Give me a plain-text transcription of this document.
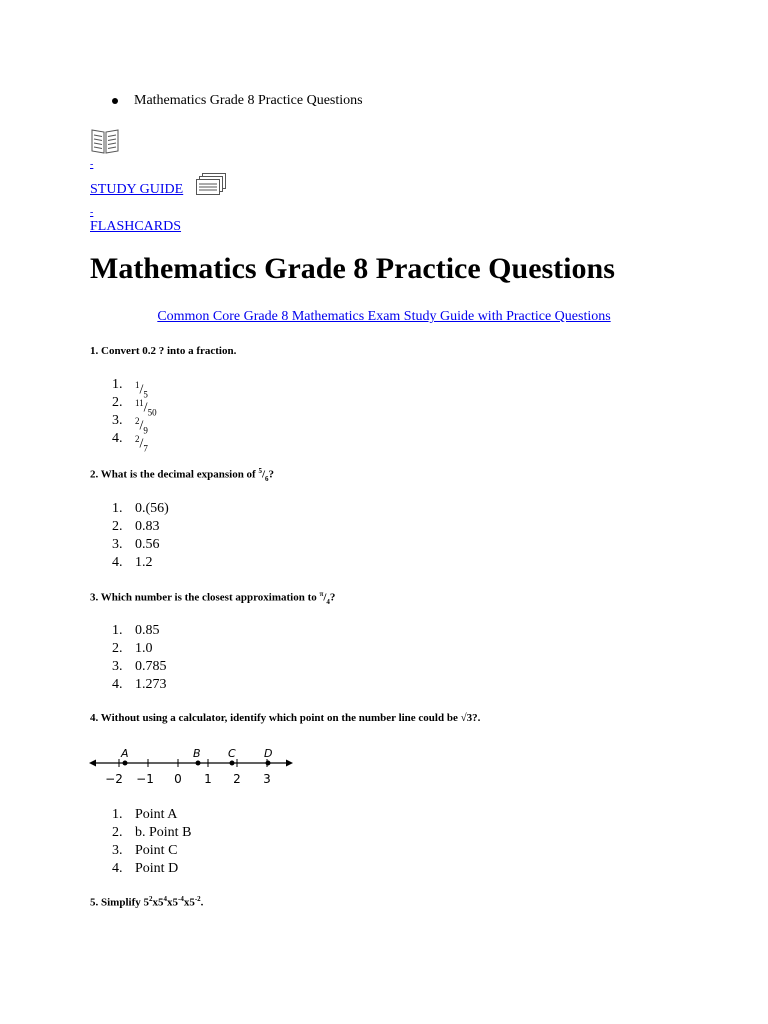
Mathematics Grade 8 Practice Questions
-
STUDY GUIDE
-
FLASHCARDS
Mathematics Grade 8 Practice Questions
Common Core Grade 8 Mathematics Exam Study Guide with Practice Questions
1. Convert 0.2 ? into a fraction.
1.	$^1/_5$
2.	$^{11}/_{50}$
3.	$^2/_9$
4.	$^2/_7$
2. What is the decimal expansion of $^5/_6$?
1. 0.(56)
2. 0.83
3. 0.56
4. 1.2
3. Which number is the closest approximation to $^\pi/_4$?
1. 0.85
2. 1.0
3. 0.785
4. 1.273
4. Without using a calculator, identify which point on the number line could be √3?.
A	B C	D
−2 −1 0 1 2 3
1. Point A
2. b. Point B
3. Point C
4. Point D
5. Simplify $5^2x5^4x5^{-4}x5^{-2}$.
